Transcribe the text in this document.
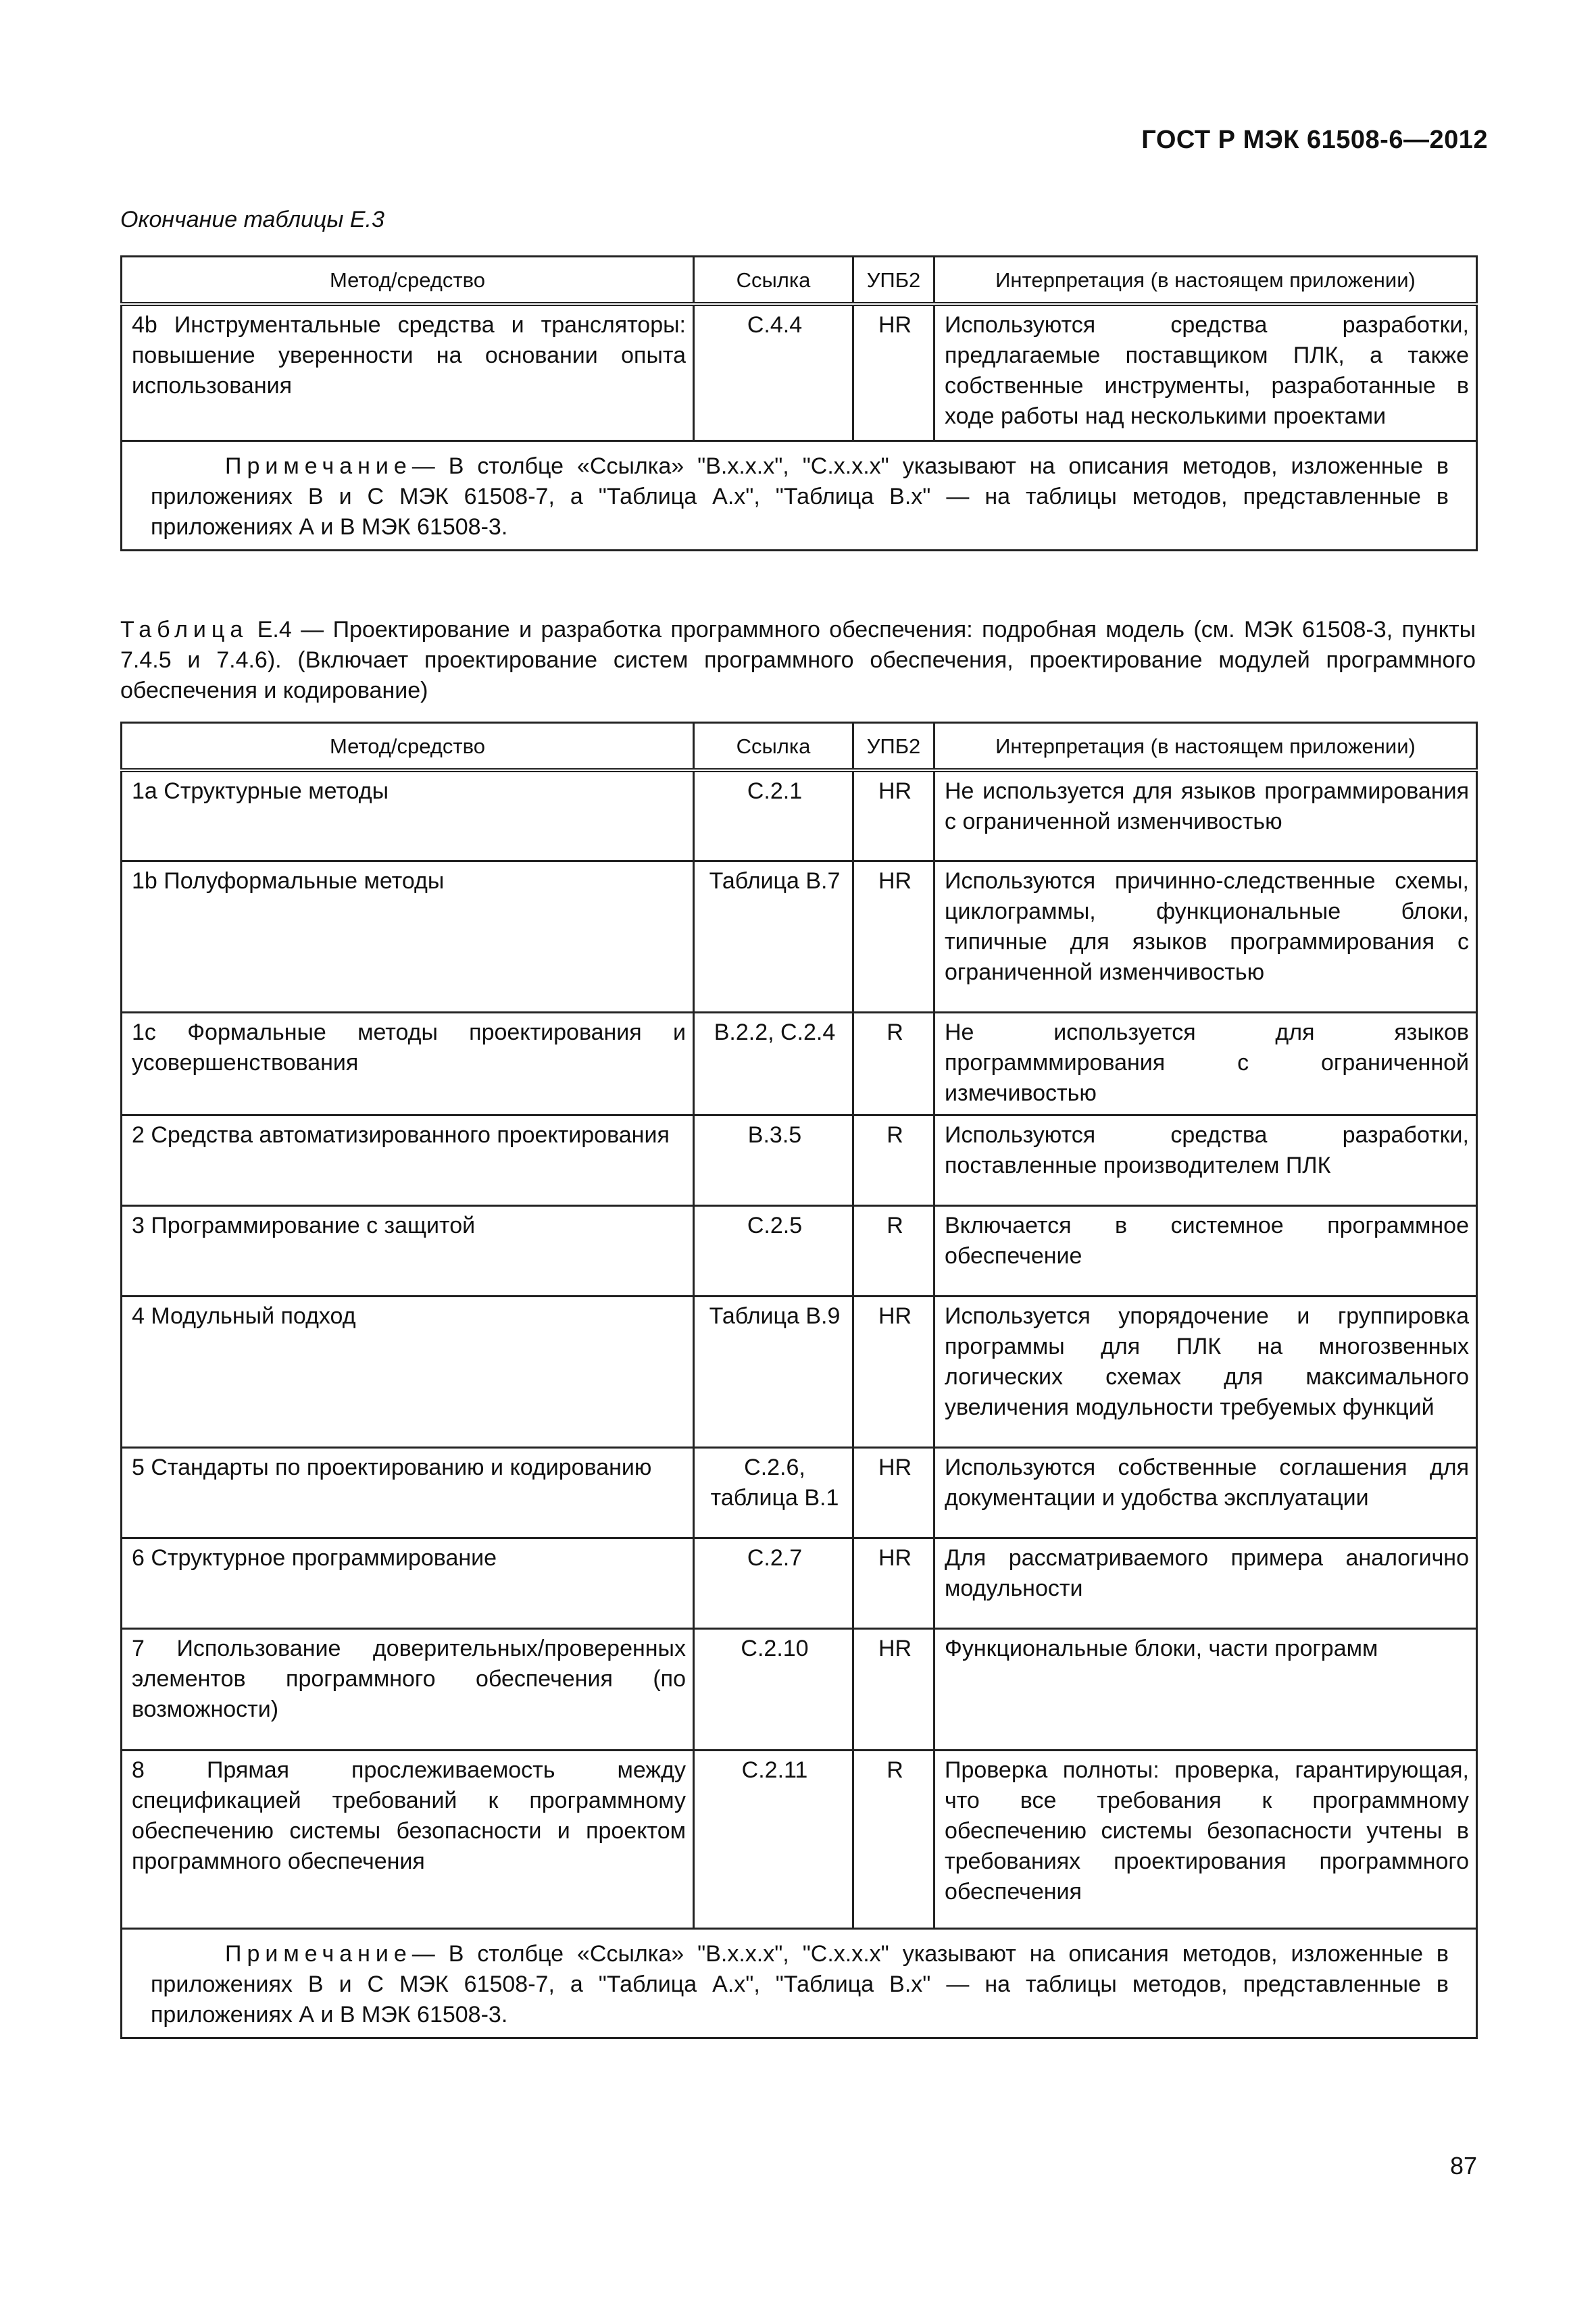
ГОСТ Р МЭК 61508-6—2012
Окончание таблицы Е.3
Метод/средство	Ссылка	УПБ2	Интерпретация (в настоящем приложении)
4b Инструментальные средства и трансляторы: повышение уверенности на основании опыта использования	С.4.4	HR	Используются средства разработки, предлагаемые поставщиком ПЛК, а также собственные инструменты, разработанные в ходе работы над несколькими проектами
Примечание— В столбце «Ссылка» "В.х.х.х", "С.х.х.х" указывают на описания методов, изложенные в приложениях В и С МЭК 61508-7, а "Таблица А.х", "Таблица В.х" — на таблицы методов, представленные в приложениях А и В МЭК 61508-3.			
Таблица Е.4 — Проектирование и разработка программного обеспечения: подробная модель (см. МЭК 61508-3, пункты 7.4.5 и 7.4.6). (Включает проектирование систем программного обеспечения, проектирование модулей программного обеспечения и кодирование)
Метод/средство	Ссылка	УПБ2	Интерпретация (в настоящем приложении)
1а Структурные методы	С.2.1	HR	Не используется для языков программирования с ограниченной изменчивостью
1b Полуформальные методы	Таблица В.7	HR	Используются причинно-следственные схемы, циклограммы, функциональные блоки, типичные для языков программирования с ограниченной изменчивостью
1с Формальные методы проектирования и усовершенствования	В.2.2, С.2.4	R	Не используется для языков программмирования с ограниченной измечивостью
2 Средства автоматизированного проектирования	В.3.5	R	Используются средства разработки, поставленные производителем ПЛК
3 Программирование с защитой	С.2.5	R	Включается в системное программное обеспечение
4 Модульный подход	Таблица В.9	HR	Используется упорядочение и группировка программы для ПЛК на многозвенных логических схемах для максимального увеличения модульности требуемых функций
5 Стандарты по проектированию и кодированию	С.2.6, таблица В.1	HR	Используются собственные соглашения для документации и удобства эксплуатации
6 Структурное программирование	С.2.7	HR	Для рассматриваемого примера аналогично модульности
7 Использование доверительных/проверенных элементов программного обеспечения (по возможности)	С.2.10	HR	Функциональные блоки, части программ
8 Прямая прослеживаемость между спецификацией требований к программному обеспечению системы безопасности и проектом программного обеспечения	С.2.11	R	Проверка полноты: проверка, гарантирующая, что все требования к программному обеспечению системы безопасности учтены в требованиях проектирования программного обеспечения
Примечание— В столбце «Ссылка» "В.х.х.х", "С.х.х.х" указывают на описания методов, изложенные в приложениях В и С МЭК 61508-7, а "Таблица А.х", "Таблица В.х" — на таблицы методов, представленные в приложениях А и В МЭК 61508-3.			
87
